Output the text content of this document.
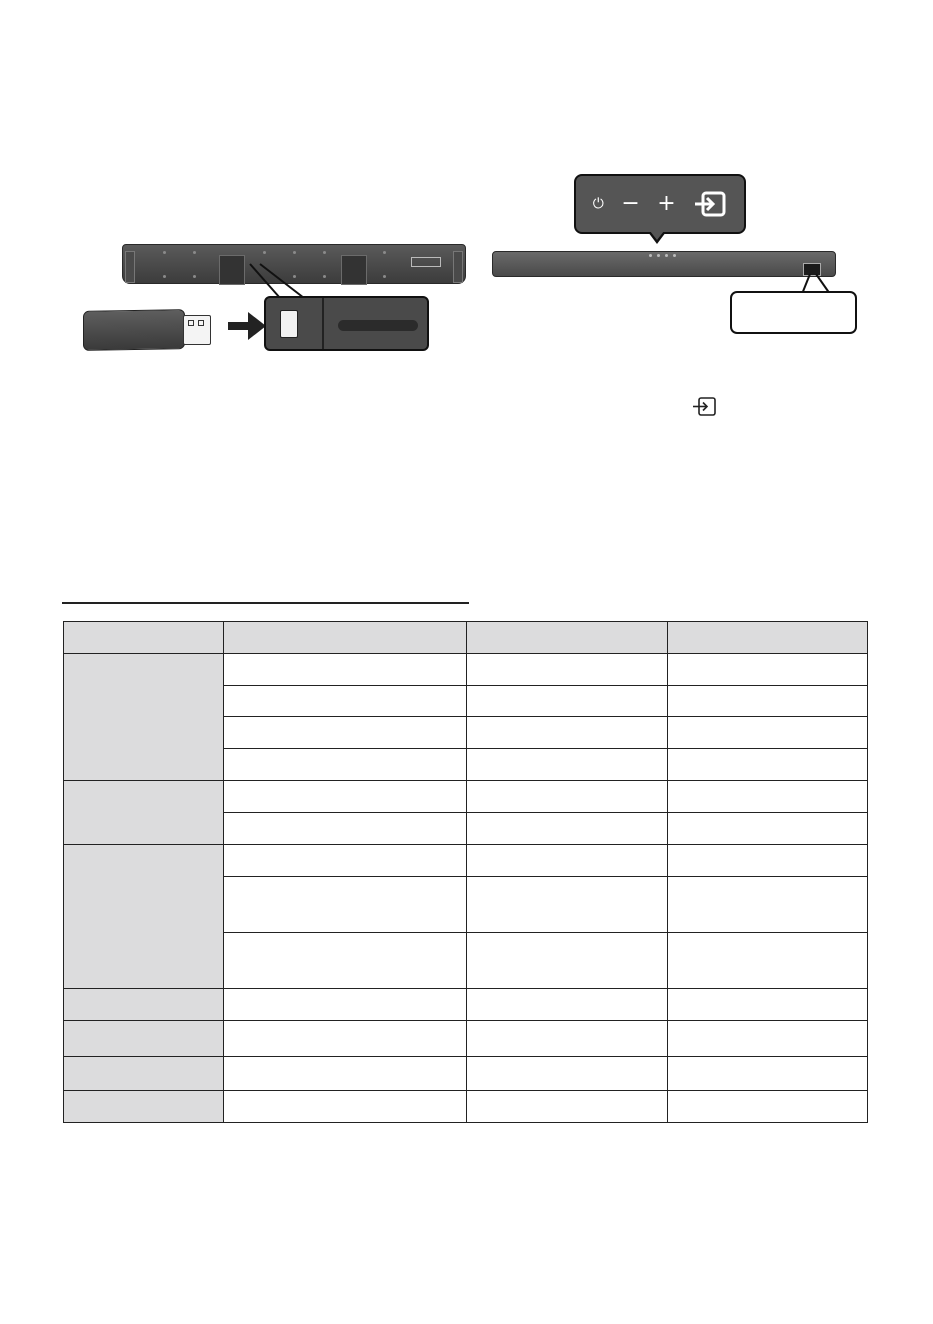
⏻ − +
